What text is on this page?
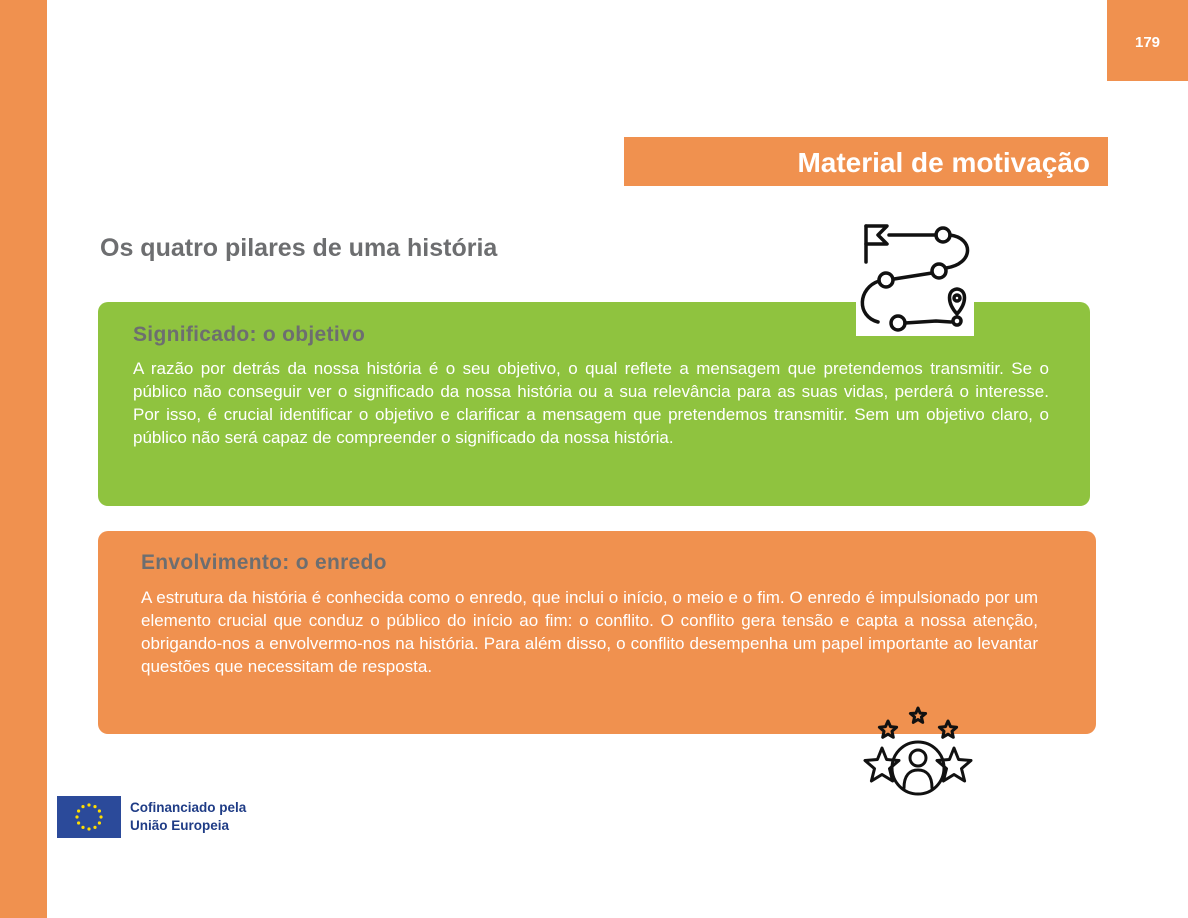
179
Material de motivação
Os quatro pilares de uma história
Significado: o objetivo

A razão por detrás da nossa história é o seu objetivo, o qual reflete a mensagem que pretendemos transmitir. Se o público não conseguir ver o significado da nossa história ou a sua relevância para as suas vidas, perderá o interesse. Por isso, é crucial identificar o objetivo e clarificar a mensagem que pretendemos transmitir. Sem um objetivo claro, o público não será capaz de compreender o significado da nossa história.

Envolvimento: o enredo

A estrutura da história é conhecida como o enredo, que inclui o início, o meio e o fim. O enredo é impulsionado por um elemento crucial que conduz o público do início ao fim: o conflito. O conflito gera tensão e capta a nossa atenção, obrigando-nos a envolvermo-nos na história. Para além disso, o conflito desempenha um papel importante ao levantar questões que necessitam de resposta.

Cofinanciado pela
União Europeia
